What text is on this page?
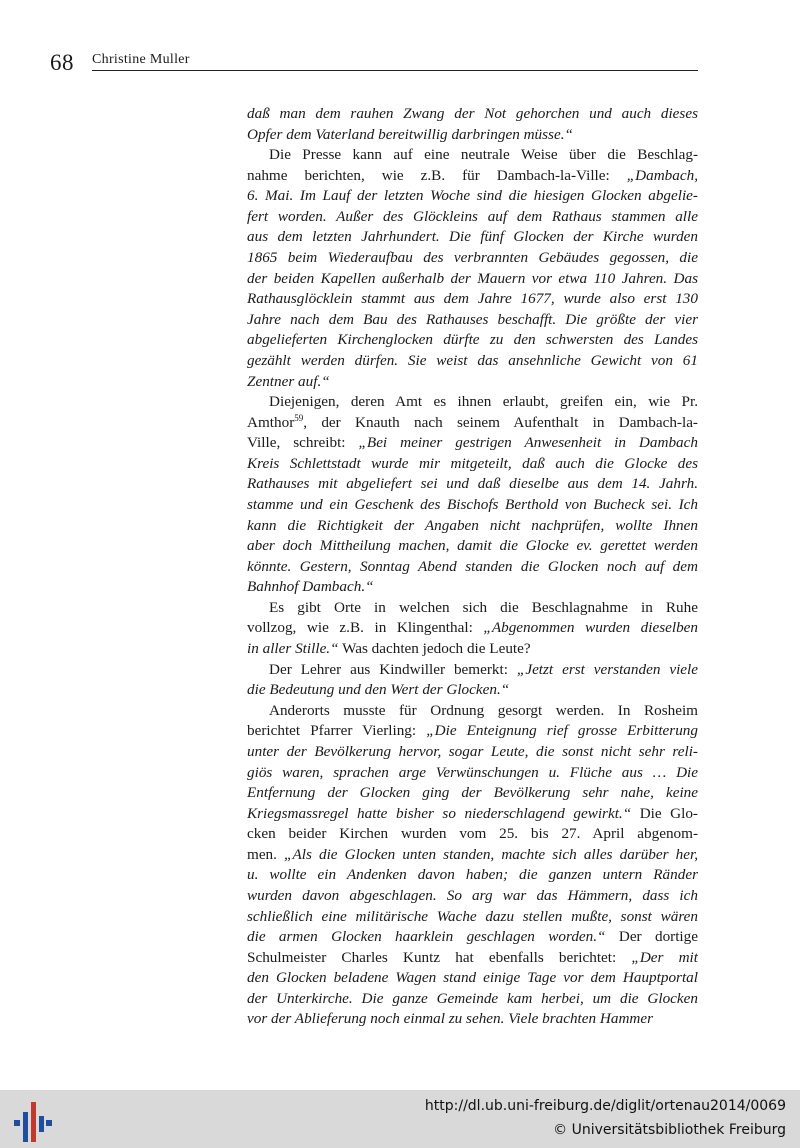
68 Christine Muller
daß man dem rauhen Zwang der Not gehorchen und auch dieses
Opfer dem Vaterland bereitwillig darbringen müsse.“
Die Presse kann auf eine neutrale Weise über die Beschlag-
nahme berichten, wie z.B. für Dambach-la-Ville: „Dambach,
6. Mai. Im Lauf der letzten Woche sind die hiesigen Glocken abgelie-
fert worden. Außer des Glöckleins auf dem Rathaus stammen alle
aus dem letzten Jahrhundert. Die fünf Glocken der Kirche wurden
1865 beim Wiederaufbau des verbrannten Gebäudes gegossen, die
der beiden Kapellen außerhalb der Mauern vor etwa 110 Jahren. Das
Rathausglöcklein stammt aus dem Jahre 1677, wurde also erst 130
Jahre nach dem Bau des Rathauses beschafft. Die größte der vier
abgelieferten Kirchenglocken dürfte zu den schwersten des Landes
gezählt werden dürfen. Sie weist das ansehnliche Gewicht von 61
Zentner auf.“
Diejenigen, deren Amt es ihnen erlaubt, greifen ein, wie Pr.
Amthor$^{59}$, der Knauth nach seinem Aufenthalt in Dambach-la-
Ville, schreibt: „Bei meiner gestrigen Anwesenheit in Dambach
Kreis Schlettstadt wurde mir mitgeteilt, daß auch die Glocke des
Rathauses mit abgeliefert sei und daß dieselbe aus dem 14. Jahrh.
stamme und ein Geschenk des Bischofs Berthold von Bucheck sei. Ich
kann die Richtigkeit der Angaben nicht nachprüfen, wollte Ihnen
aber doch Mittheilung machen, damit die Glocke ev. gerettet werden
könnte. Gestern, Sonntag Abend standen die Glocken noch auf dem
Bahnhof Dambach.“
Es gibt Orte in welchen sich die Beschlagnahme in Ruhe
vollzog, wie z.B. in Klingenthal: „Abgenommen wurden dieselben
in aller Stille.“ Was dachten jedoch die Leute?
Der Lehrer aus Kindwiller bemerkt: „Jetzt erst verstanden viele
die Bedeutung und den Wert der Glocken.“
Anderorts musste für Ordnung gesorgt werden. In Rosheim
berichtet Pfarrer Vierling: „Die Enteignung rief grosse Erbitterung
unter der Bevölkerung hervor, sogar Leute, die sonst nicht sehr reli-
giös waren, sprachen arge Verwünschungen u. Flüche aus … Die
Entfernung der Glocken ging der Bevölkerung sehr nahe, keine
Kriegsmassregel hatte bisher so niederschlagend gewirkt.“ Die Glo-
cken beider Kirchen wurden vom 25. bis 27. April abgenom-
men. „Als die Glocken unten standen, machte sich alles darüber her,
u. wollte ein Andenken davon haben; die ganzen untern Ränder
wurden davon abgeschlagen. So arg war das Hämmern, dass ich
schließlich eine militärische Wache dazu stellen mußte, sonst wären
die armen Glocken haarklein geschlagen worden.“ Der dortige
Schulmeister Charles Kuntz hat ebenfalls berichtet: „Der mit
den Glocken beladene Wagen stand einige Tage vor dem Hauptportal
der Unterkirche. Die ganze Gemeinde kam herbei, um die Glocken
vor der Ablieferung noch einmal zu sehen. Viele brachten Hammer
http://dl.ub.uni-freiburg.de/diglit/ortenau2014/0069
© Universitätsbibliothek Freiburg
